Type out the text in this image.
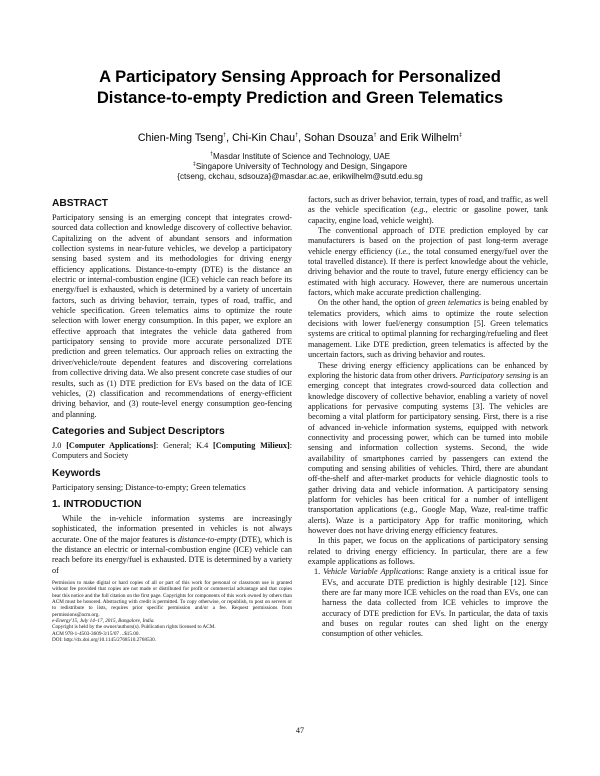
A Participatory Sensing Approach for Personalized
Distance-to-empty Prediction and Green Telematics
Chien-Ming Tseng†, Chi-Kin Chau†, Sohan Dsouza† and Erik Wilhelm‡
†Masdar Institute of Science and Technology, UAE
‡Singapore University of Technology and Design, Singapore
{ctseng, ckchau, sdsouza}@masdar.ac.ae, erikwilhelm@sutd.edu.sg
ABSTRACT

Participatory sensing is an emerging concept that integrates crowd-sourced data collection and knowledge discovery of collective behavior. Capitalizing on the advent of abundant sensors and information collection systems in near-future vehicles, we develop a participatory sensing based system and its methodologies for driving energy efficiency applications. Distance-to-empty (DTE) is the distance an electric or internal-combustion engine (ICE) vehicle can reach before its energy/fuel is exhausted, which is determined by a variety of uncertain factors, such as driving behavior, terrain, types of road, traffic, and vehicle specification. Green telematics aims to optimize the route selection with lower energy consumption. In this paper, we explore an effective approach that integrates the vehicle data gathered from participatory sensing to provide more accurate personalized DTE prediction and green telematics. Our approach relies on extracting the driver/vehicle/route dependent features and discovering correlations from collective driving data. We also present concrete case studies of our results, such as (1) DTE prediction for EVs based on the data of ICE vehicles, (2) classification and recommendations of energy-efficient driving behavior, and (3) route-level energy consumption geo-fencing and planning.

Categories and Subject Descriptors

J.0 [Computer Applications]: General; K.4 [Computing Milieux]: Computers and Society

Keywords

Participatory sensing; Distance-to-empty; Green telematics

1. INTRODUCTION

While the in-vehicle information systems are increasingly sophisticated, the information presented in vehicles is not always accurate. One of the major features is distance-to-empty (DTE), which is the distance an electric or internal-combustion engine (ICE) vehicle can reach before its energy/fuel is exhausted. DTE is determined by a variety of

Permission to make digital or hard copies of all or part of this work for personal or classroom use is granted without fee provided that copies are not made or distributed for profit or commercial advantage and that copies bear this notice and the full citation on the first page. Copyrights for components of this work owned by others than ACM must be honored. Abstracting with credit is permitted. To copy otherwise, or republish, to post on servers or to redistribute to lists, requires prior specific permission and/or a fee. Request permissions from permissions@acm.org.

e-Energy'15, July 14–17, 2015, Bangalore, India.

Copyright is held by the owner/authors(s). Publication rights licensed to ACM.

ACM 978-1-4503-3609-3/15/07 ...$15.00.

DOI: http://dx.doi.org/10.1145/2768510.2768530.

factors, such as driver behavior, terrain, types of road, and traffic, as well as the vehicle specification (e.g., electric or gasoline power, tank capacity, engine load, vehicle weight).

The conventional approach of DTE prediction employed by car manufacturers is based on the projection of past long-term average vehicle energy efficiency (i.e., the total consumed energy/fuel over the total travelled distance). If there is perfect knowledge about the vehicle, driving behavior and the route to travel, future energy efficiency can be estimated with high accuracy. However, there are numerous uncertain factors, which make accurate prediction challenging.

On the other hand, the option of green telematics is being enabled by telematics providers, which aims to optimize the route selection decisions with lower fuel/energy consumption [5]. Green telematics systems are critical to optimal planning for recharging/refueling and fleet management. Like DTE prediction, green telematics is affected by the uncertain factors, such as driving behavior and routes.

These driving energy efficiency applications can be enhanced by exploring the historic data from other drivers. Participatory sensing is an emerging concept that integrates crowd-sourced data collection and knowledge discovery of collective behavior, enabling a variety of novel applications for pervasive computing systems [3]. The vehicles are becoming a vital platform for participatory sensing. First, there is a rise of advanced in-vehicle information systems, equipped with network connectivity and processing power, which can be turned into mobile sensing and information collection systems. Second, the wide availability of smartphones carried by passengers can extend the computing and sensing abilities of vehicles. Third, there are abundant off-the-shelf and after-market products for vehicle diagnostic tools to gather driving data and vehicle information. A participatory sensing platform for vehicles has been critical for a number of intelligent transportation applications (e.g., Google Map, Waze, real-time traffic alerts). Waze is a participatory App for traffic monitoring, which however does not have driving energy efficiency features.

In this paper, we focus on the applications of participatory sensing related to driving energy efficiency. In particular, there are a few example applications as follows.

1. Vehicle Variable Applications: Range anxiety is a critical issue for EVs, and accurate DTE prediction is highly desirable [12]. Since there are far many more ICE vehicles on the road than EVs, one can harness the data collected from ICE vehicles to improve the accuracy of DTE prediction for EVs. In particular, the data of taxis and buses on regular routes can shed light on the energy consumption of other vehicles.
47
